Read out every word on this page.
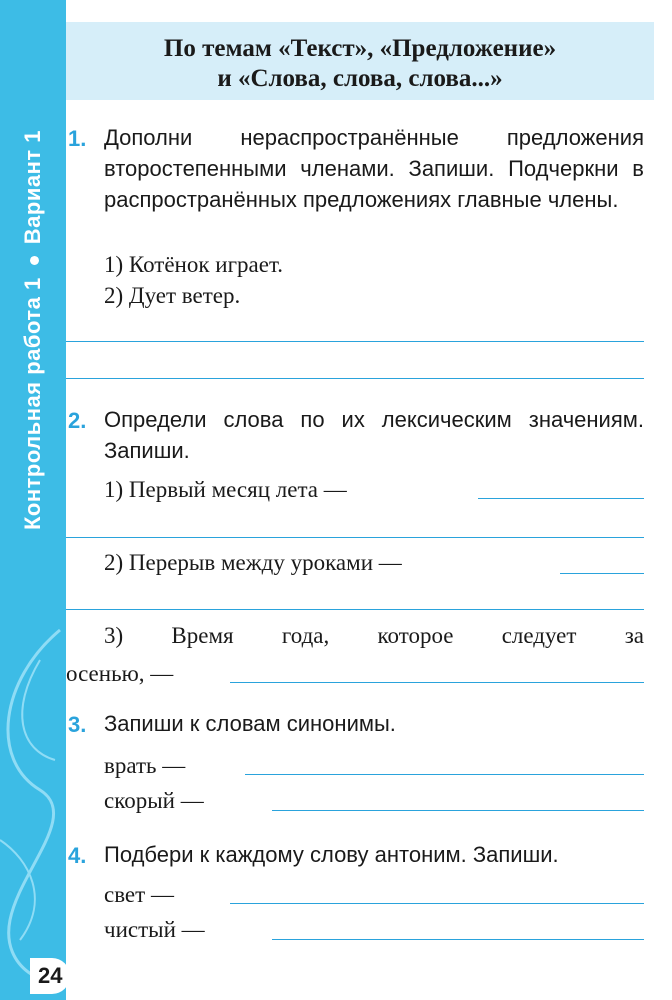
Контрольная работа 1Вариант 1
По темам «Текст», «Предложение»
и «Слова, слова, слова...»
1. Дополни нераспространённые предложения второстепенными членами. Запиши. Подчеркни в распространённых предложениях главные члены.
1) Котёнок играет.
2) Дует ветер.
2. Определи слова по их лексическим значениям. Запиши.
1) Первый месяц лета —
2) Перерыв между уроками —
3) Время года, которое следует за
осенью, —
3. Запиши к словам синонимы.
врать —
скорый —
4. Подбери к каждому слову антоним. Запиши.
свет —
чистый —
24
